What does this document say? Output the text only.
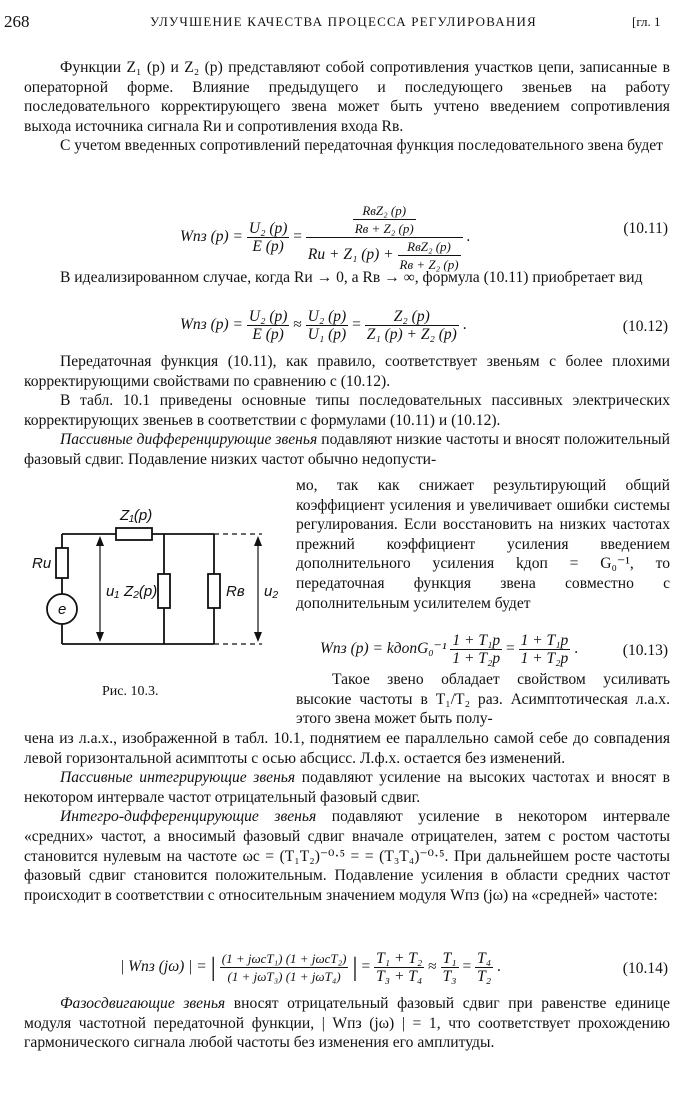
268	УЛУЧШЕНИЕ КАЧЕСТВА ПРОЦЕССА РЕГУЛИРОВАНИЯ	[гл. 1

Функции Z₁ (p) и Z₂ (p) представляют собой сопротивления участков цепи, записанные в операторной форме. Влияние предыдущего и последующего звеньев на работу последовательного корректирующего звена может быть учтено введением сопротивления выхода источника сигнала Rи и сопротивления входа Rв.

С учетом введенных сопротивлений передаточная функция последовательного звена будет

Wпз $(p) = \frac{\text{U₂ (p)}}{E (p)}$ =	$\frac{\text{RвZ₂ (p)}}{\text{Rв + Z₂ (p)}}$
Rи + Z₁ $(p) + \frac{\text{RвZ₂ (p)}}{\text{Rв + Z₂ (p)}}$
.	(10.11)

В идеализированном случае, когда Rи → 0, а Rв → ∞, формула (10.11) приобретает вид

Wпз $(p) = \frac{\text{U₂ (p)}}{E (p)} \approx \frac{\text{U₂ (p)}}{\text{U₁ (p)}} = \frac{\text{Z₂ (p)}}{\text{Z₁ (p) + Z₂ (p)}}$ .	(10.12)

Передаточная функция (10.11), как правило, соответствует звеньям с более плохими корректирующими свойствами по сравнению с (10.12).

В табл. 10.1 приведены основные типы последовательных пассивных электрических корректирующих звеньев в соответствии с формулами (10.11) и (10.12).

Пассивные дифференцирующие звенья подавляют низкие частоты и вносят положительный фазовый сдвиг. Подавление низких частот обычно недопусти-

Z₁(p)
Z₂(p)
Rи
Rв
u₁	u₂
e
Рис. 10.3.
мо, так как снижает результирующий общий коэффициент усиления и увеличивает ошибки системы регулирования. Если восстановить на низких частотах прежний коэффициент усиления введением дополнительного усиления kдоп = G₀⁻¹, то передаточная функция звена совместно с дополнительным усилителем будет
Wпз (p) = kдопG₀⁻¹ $\frac{\text{1 + T₁p}}{\text{1 + T₂p}} = \frac{\text{1 + T₁p}}{\text{1 + T₂p}}$ .	(10.13)
Такое звено обладает свойством усиливать высокие частоты в T₁/T₂ раз. Асимптотическая л.а.х. этого звена может быть полу-

чена из л.а.х., изображенной в табл. 10.1, поднятием ее параллельно самой себе до совпадения левой горизонтальной асимптоты с осью абсцисс. Л.ф.х. остается без изменений.

Пассивные интегрирующие звенья подавляют усиление на высоких частотах и вносят в некотором интервале частот отрицательный фазовый сдвиг.

Интегро-дифференцирующие звенья подавляют усиление в некотором интервале «средних» частот, а вносимый фазовый сдвиг вначале отрицателен, затем с ростом частоты становится нулевым на частоте ωс = (T₁T₂)⁻⁰·⁵ = = (T₃T₄)⁻⁰·⁵. При дальнейшем росте частоты фазовый сдвиг становится положительным. Подавление усиления в области средних частот происходит в соответствии с относительным значением модуля Wпз (jω) на «средней» частоте:

| Wпз (jω) | = | $\frac{\text{(1 + jωсT₁) (1 + jωсT₂)}}{\text{(1 + jωT₃) (1 + jωT₄)}}$ | = $\frac{\text{T₁ + T₂}}{\text{T₃ + T₄}} \approx \frac{\text{T₁}}{\text{T₃}} = \frac{\text{T₄}}{\text{T₂}}$ .	(10.14)

Фазосдвигающие звенья вносят отрицательный фазовый сдвиг при равенстве единице модуля частотной передаточной функции, | Wпз (jω) | = 1, что соответствует прохождению гармонического сигнала любой частоты без изменения его амплитуды.
